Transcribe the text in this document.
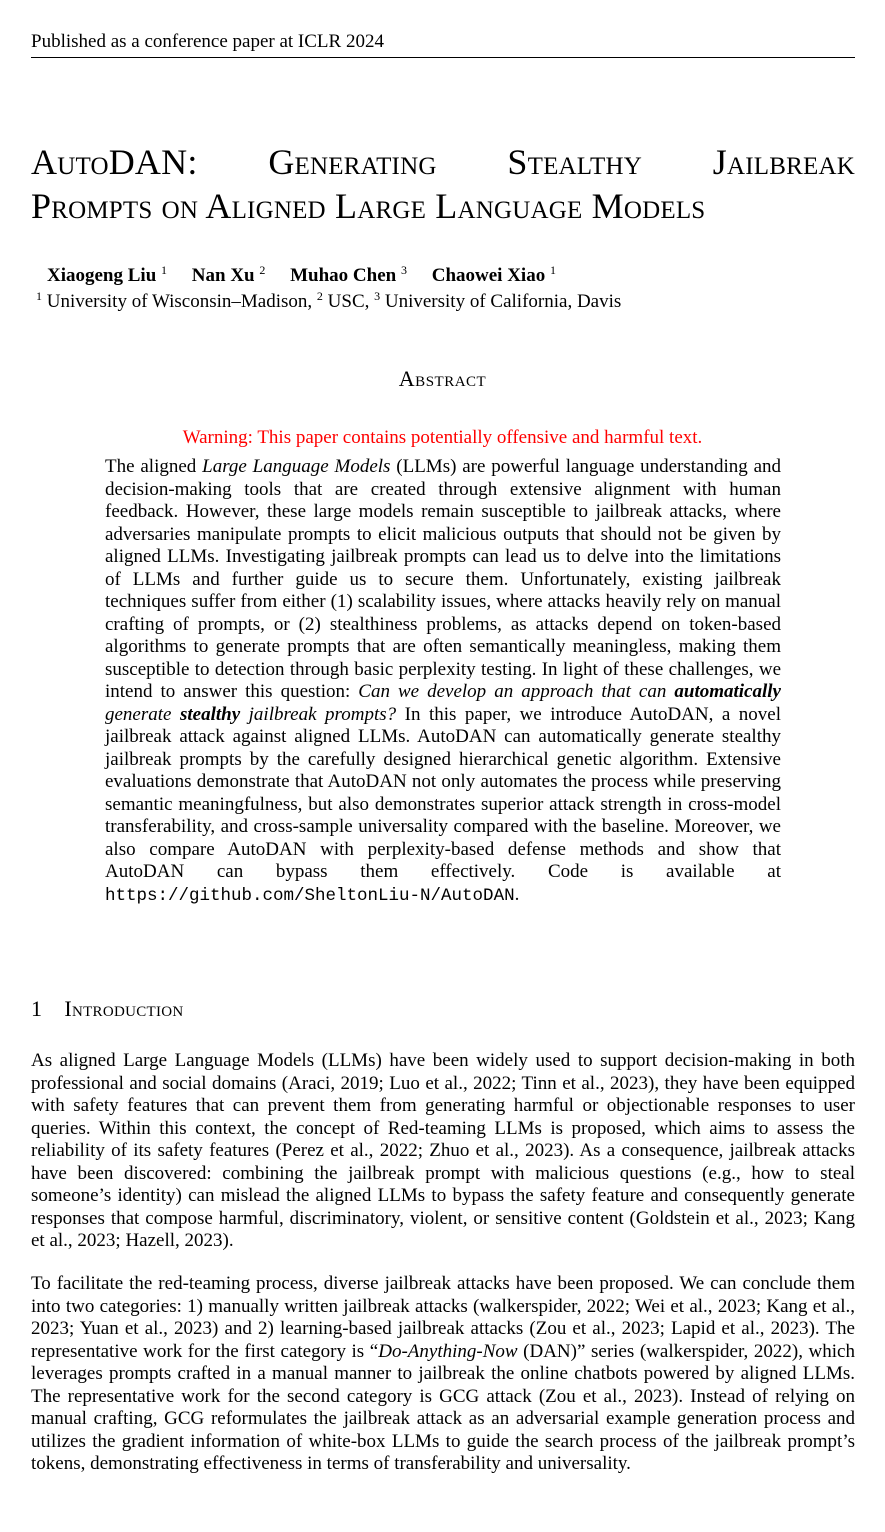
Published as a conference paper at ICLR 2024
AutoDAN: Generating Stealthy Jailbreak
Prompts on Aligned Large Language Models
Xiaogeng Liu $^1$ Nan Xu $^2$ Muhao Chen $^3$ Chaowei Xiao $^1$
$^1$ University of Wisconsin–Madison, $^2$ USC, $^3$ University of California, Davis
Abstract
Warning: This paper contains potentially offensive and harmful text.
The aligned Large Language Models (LLMs) are powerful language understanding and decision-making tools that are created through extensive alignment with human feedback. However, these large models remain susceptible to jailbreak attacks, where adversaries manipulate prompts to elicit malicious outputs that should not be given by aligned LLMs. Investigating jailbreak prompts can lead us to delve into the limitations of LLMs and further guide us to secure them. Unfortunately, existing jailbreak techniques suffer from either (1) scalability issues, where attacks heavily rely on manual crafting of prompts, or (2) stealthiness problems, as attacks depend on token-based algorithms to generate prompts that are often semantically meaningless, making them susceptible to detection through basic perplexity testing. In light of these challenges, we intend to answer this question: Can we develop an approach that can automatically generate stealthy jailbreak prompts? In this paper, we introduce AutoDAN, a novel jailbreak attack against aligned LLMs. AutoDAN can automatically generate stealthy jailbreak prompts by the carefully designed hierarchical genetic algorithm. Extensive evaluations demonstrate that AutoDAN not only automates the process while preserving semantic meaningfulness, but also demonstrates superior attack strength in cross-model transferability, and cross-sample universality compared with the baseline. Moreover, we also compare AutoDAN with perplexity-based defense methods and show that AutoDAN can bypass them effectively. Code is available at https://github.com/SheltonLiu-N/AutoDAN.
1 Introduction

As aligned Large Language Models (LLMs) have been widely used to support decision-making in both professional and social domains (Araci, 2019; Luo et al., 2022; Tinn et al., 2023), they have been equipped with safety features that can prevent them from generating harmful or objectionable responses to user queries. Within this context, the concept of Red-teaming LLMs is proposed, which aims to assess the reliability of its safety features (Perez et al., 2022; Zhuo et al., 2023). As a consequence, jailbreak attacks have been discovered: combining the jailbreak prompt with malicious questions (e.g., how to steal someone’s identity) can mislead the aligned LLMs to bypass the safety feature and consequently generate responses that compose harmful, discriminatory, violent, or sensitive content (Goldstein et al., 2023; Kang et al., 2023; Hazell, 2023).

To facilitate the red-teaming process, diverse jailbreak attacks have been proposed. We can conclude them into two categories: 1) manually written jailbreak attacks (walkerspider, 2022; Wei et al., 2023; Kang et al., 2023; Yuan et al., 2023) and 2) learning-based jailbreak attacks (Zou et al., 2023; Lapid et al., 2023). The representative work for the first category is “Do-Anything-Now (DAN)” series (walkerspider, 2022), which leverages prompts crafted in a manual manner to jailbreak the online chatbots powered by aligned LLMs. The representative work for the second category is GCG attack (Zou et al., 2023). Instead of relying on manual crafting, GCG reformulates the jailbreak attack as an adversarial example generation process and utilizes the gradient information of white-box LLMs to guide the search process of the jailbreak prompt’s tokens, demonstrating effectiveness in terms of transferability and universality.
